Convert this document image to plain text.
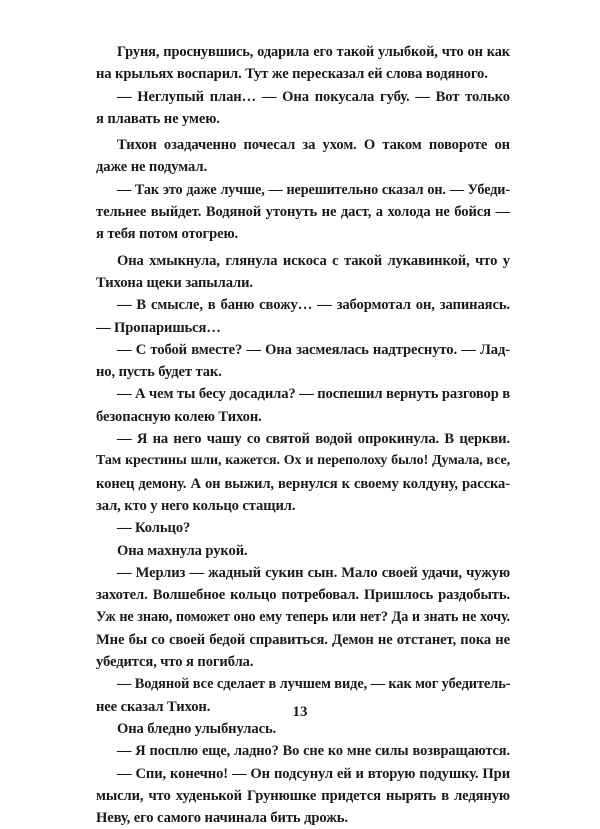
Груня, проснувшись, одарила его такой улыбкой, что он как
на крыльях воспарил. Тут же пересказал ей слова водяного.
— Неглупый план… — Она покусала губу. — Вот только
я плавать не умею.
Тихон озадаченно почесал за ухом. О таком повороте он
даже не подумал.
— Так это даже лучше, — нерешительно сказал он. — Убеди-
тельнее выйдет. Водяной утонуть не даст, а холода не бойся —
я тебя потом отогрею.
Она хмыкнула, глянула искоса с такой лукавинкой, что у
Тихона щеки запылали.
— В смысле, в баню свожу… — забормотал он, запинаясь.
— Пропаришься…
— С тобой вместе? — Она засмеялась надтреснуто. — Лад-
но, пусть будет так.
— А чем ты бесу досадила? — поспешил вернуть разговор в
безопасную колею Тихон.
— Я на него чашу со святой водой опрокинула. В церкви.
Там крестины шли, кажется. Ох и переполоху было! Думала, все,
конец демону. А он выжил, вернулся к своему колдуну, расска-
зал, кто у него кольцо стащил.
— Кольцо?
Она махнула рукой.
— Мерлиз — жадный сукин сын. Мало своей удачи, чужую
захотел. Волшебное кольцо потребовал. Пришлось раздобыть.
Уж не знаю, поможет оно ему теперь или нет? Да и знать не хочу.
Мне бы со своей бедой справиться. Демон не отстанет, пока не
убедится, что я погибла.
— Водяной все сделает в лучшем виде, — как мог убедитель-
нее сказал Тихон.
Она бледно улыбнулась.
— Я посплю еще, ладно? Во сне ко мне силы возвращаются.
— Спи, конечно! — Он подсунул ей и вторую подушку. При
мысли, что худенькой Грунюшке придется нырять в ледяную
Неву, его самого начинала бить дрожь.
13
